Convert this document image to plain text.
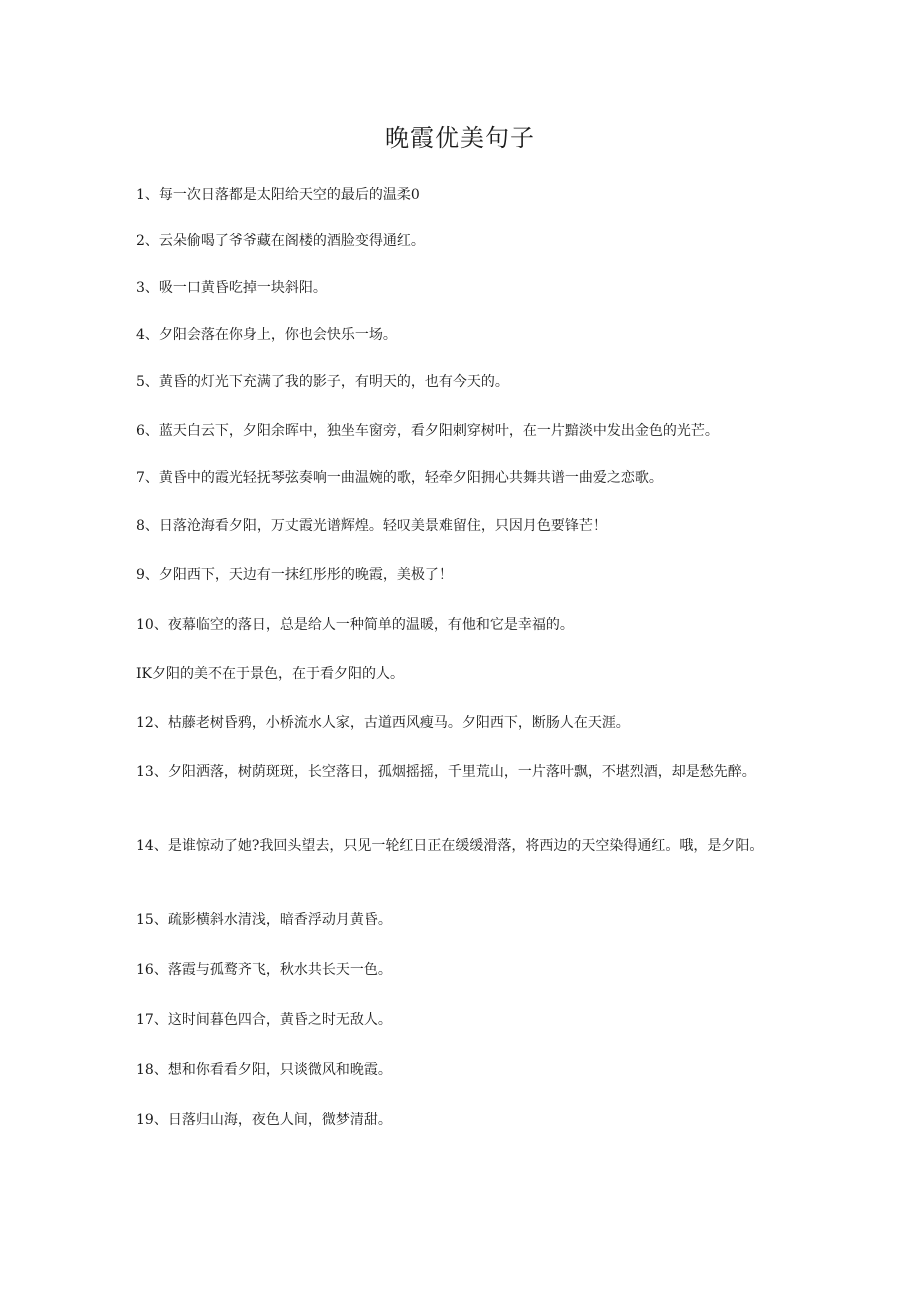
晚霞优美句子
1、每一次日落都是太阳给天空的最后的温柔0
2、云朵偷喝了爷爷藏在阁楼的酒脸变得通红。
3、吸一口黄昏吃掉一块斜阳。
4、夕阳会落在你身上，你也会快乐一场。
5、黄昏的灯光下充满了我的影子，有明天的，也有今天的。
6、蓝天白云下，夕阳余晖中，独坐车窗旁，看夕阳刺穿树叶，在一片黯淡中发出金色的光芒。
7、黄昏中的霞光轻抚琴弦奏响一曲温婉的歌，轻牵夕阳拥心共舞共谱一曲爱之恋歌。
8、日落沧海看夕阳，万丈霞光谱辉煌。轻叹美景难留住，只因月色要锋芒！
9、夕阳西下，天边有一抹红彤彤的晚霞，美极了！
10、夜幕临空的落日，总是给人一种简单的温暖，有他和它是幸福的。
IK夕阳的美不在于景色，在于看夕阳的人。
12、枯藤老树昏鸦，小桥流水人家，古道西风瘦马。夕阳西下，断肠人在天涯。
13、夕阳洒落，树荫斑斑，长空落日，孤烟摇摇，千里荒山，一片落叶飘，不堪烈酒，却是愁先醉。
14、是谁惊动了她?我回头望去，只见一轮红日正在缓缓滑落，将西边的天空染得通红。哦，是夕阳。
15、疏影横斜水清浅，暗香浮动月黄昏。
16、落霞与孤鹜齐飞，秋水共长天一色。
17、这时间暮色四合，黄昏之时无敌人。
18、想和你看看夕阳，只谈微风和晚霞。
19、日落归山海，夜色人间，微梦清甜。
